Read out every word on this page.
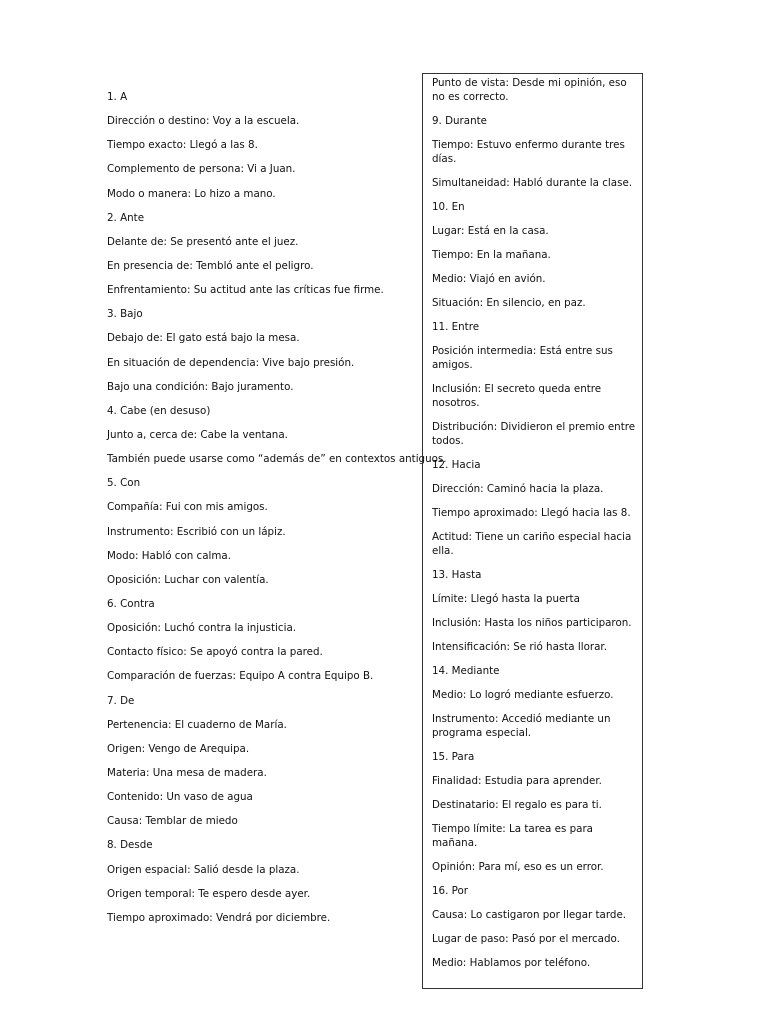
1. A
Dirección o destino: Voy a la escuela.
Tiempo exacto: Llegó a las 8.
Complemento de persona: Vi a Juan.
Modo o manera: Lo hizo a mano.
2. Ante
Delante de: Se presentó ante el juez.
En presencia de: Tembló ante el peligro.
Enfrentamiento: Su actitud ante las críticas fue firme.
3. Bajo
Debajo de: El gato está bajo la mesa.
En situación de dependencia: Vive bajo presión.
Bajo una condición: Bajo juramento.
4. Cabe (en desuso)
Junto a, cerca de: Cabe la ventana.
También puede usarse como “además de” en contextos antiguos.
5. Con
Compañía: Fui con mis amigos.
Instrumento: Escribió con un lápiz.
Modo: Habló con calma.
Oposición: Luchar con valentía.
6. Contra
Oposición: Luchó contra la injusticia.
Contacto físico: Se apoyó contra la pared.
Comparación de fuerzas: Equipo A contra Equipo B.
7. De
Pertenencia: El cuaderno de María.
Origen: Vengo de Arequipa.
Materia: Una mesa de madera.
Contenido: Un vaso de agua
Causa: Temblar de miedo
8. Desde
Origen espacial: Salió desde la plaza.
Origen temporal: Te espero desde ayer.
Tiempo aproximado: Vendrá por diciembre.
Punto de vista: Desde mi opinión, eso no es correcto.
9. Durante
Tiempo: Estuvo enfermo durante tres días.
Simultaneidad: Habló durante la clase.
10. En
Lugar: Está en la casa.
Tiempo: En la mañana.
Medio: Viajó en avión.
Situación: En silencio, en paz.
11. Entre
Posición intermedia: Está entre sus amigos.
Inclusión: El secreto queda entre nosotros.
Distribución: Dividieron el premio entre todos.
12. Hacia
Dirección: Caminó hacia la plaza.
Tiempo aproximado: Llegó hacia las 8.
Actitud: Tiene un cariño especial hacia ella.
13. Hasta
Límite: Llegó hasta la puerta
Inclusión: Hasta los niños participaron.
Intensificación: Se rió hasta llorar.
14. Mediante
Medio: Lo logró mediante esfuerzo.
Instrumento: Accedió mediante un programa especial.
15. Para
Finalidad: Estudia para aprender.
Destinatario: El regalo es para ti.
Tiempo límite: La tarea es para mañana.
Opinión: Para mí, eso es un error.
16. Por
Causa: Lo castigaron por llegar tarde.
Lugar de paso: Pasó por el mercado.
Medio: Hablamos por teléfono.
